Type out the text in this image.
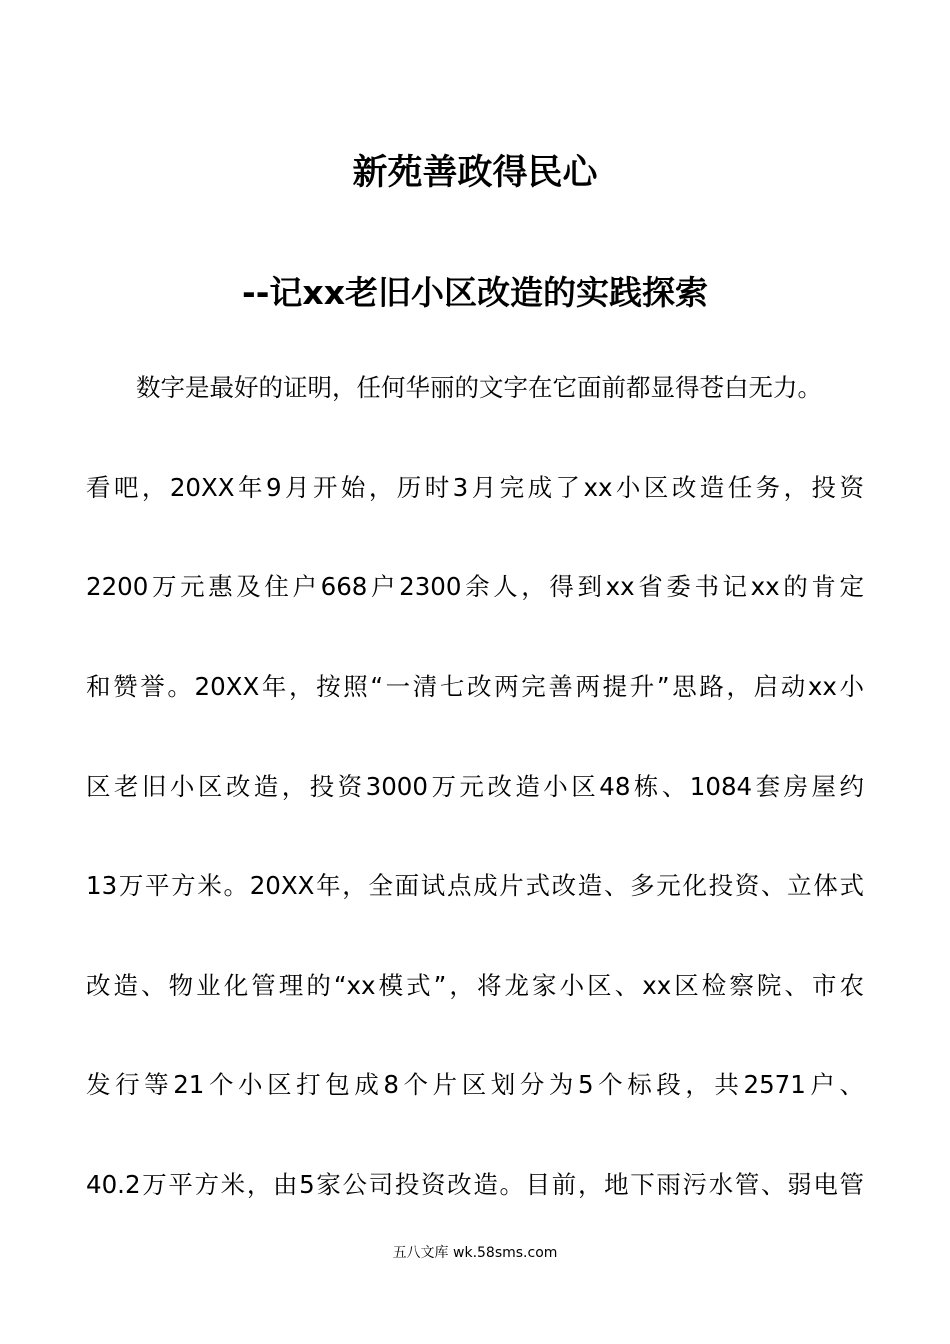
新苑善政得民心
--记xx老旧小区改造的实践探索

数字是最好的证明，任何华丽的文字在它面前都显得苍白无力。

看吧，20XX年9月开始，历时3月完成了xx小区改造任务，投资

2200万元惠及住户668户2300余人，得到xx省委书记xx的肯定

和赞誉。20XX年，按照“一清七改两完善两提升”思路，启动xx小

区老旧小区改造，投资3000万元改造小区48栋、1084套房屋约

13万平方米。20XX年，全面试点成片式改造、多元化投资、立体式

改造、物业化管理的“xx模式”，将龙家小区、xx区检察院、市农

发行等21个小区打包成8个片区划分为5个标段，共2571户、

40.2万平方米，由5家公司投资改造。目前，地下雨污水管、弱电管

五八文库 wk.58sms.com
